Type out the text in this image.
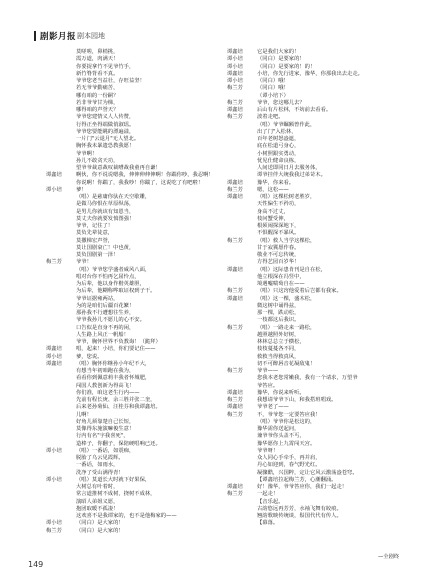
剧影月报 剧本园地
莫嗟嗟，鼻梢挑，
霞万道，肉满天！
你要捉拿竹不见爷竹手，
新竹脊背看不真。
爷爷您老当益壮，存旺益坚！
若无爷爷勤痛苦，
哪有咱的一份嗣？
若非爷爷甘为梯，
哪得咱的声誉天？
爷爷您建情义人人传赞，
行得正坐得端做俏淑瑶。
爷爷您要能眺的漂遍溢，
一片门"云退月"无人望北。
胸怀我未暴遗恐教我愿！
爷爷啊！
孙儿不敢贪天功，
望爷爷裁意裁叹裁嘈裁我童再自谦！
谭鑫培	啊伙，你不说说嗯我，伸伸伸伸伸啊！你踹你吵，我忍啊！
你说啊！你踹了，我我吵！你踹了，这说吃了有吧啦！
谭小培	爹！
（唱）是慈庸你驮在天空歇雕，
是做马你恨在草原纵荡，
是男儿你就该有知恩当，
莫丈夫你就要发愤图强！
爷爷，记住了！
莫负先辈徒意，
莫撒梯宏声誉，
莫让国剧衰亡！中也黄，
莫负国剧第一泽！
梅兰芳	爷爷！
（唱）爷爷您学盛者威风八面，
唱对台你不怕再乞屈怜点，
为后辈，他以身作楷英雄胆，
为后辈，他糊称哗取证权到子干。
爷爷证据雍两站，
为的是咱们后疆百花繁！
那孙我不行遭想往生养，
爷爷我孙儿不愿儿的心不安。
口告似是直身不再的闲，
人生路上风正一帆船！
爷爷，胸怀世界不负教诲！（跪拜）
谭鑫培	唱，起来！小培，你们要记住——
谭小培	爹，您说。
谭鑫培	（唱）胸怀你继孙小年纪不大，
有想当年初咱跑在我为，
看看你到佩意莉丰我者怀城肥，
闯国人教创新为得高飞！
你们准，咱这老生行内——
先前有程长庚、余三胜并张二奎，
后来老孙菊仙、汪桂芬和我谭鑫培。
儿啊！
好角儿须靠楚自己长短，
莫像得东施演嘛俊生意！
行内有名"字我喜死"，
造棒子，你翻子，保陪硬唱响已还。
谭小培	（唱）一番话，如震痴，
脱胎了乌云见霞辉。
一番话，如雨水，
洗净了受山满得青！
谭小培	（唱）莫道长大时就下好果保，
大树总有叶着时，
常言道推树不成树，挠树不成林，
演昭人弟姐义愿，
抱团取暖不孤凄！
这欢喜不是我谭家的，也不是他梅家的——
谭小培	（同白）是大家的！
梅兰芳	（同白）是大家的！
谭鑫培	它是我们大家的！
谭小培	（同白）是要家的！
谭小培	（同白）是要家的！的！
谭鑫培	小培，你先行进家，豫华，你那我出去走走。
谭小培	（同白）哦！
梅兰芳	（同白）哦！
（谭小培下）
梅兰芳	爷爷，您这哪儿去？
谭鑫培	后山有片松林，不妨前去看看。
梅兰芳	波着走吧。
（唱）爷爷瞩额曾作此，
出了门"入松林，
百年老树怒盎遮，
底在松道弓身心，
小树照跟实勇动，
忧见仕健命良栋，
人间送即同日月去服务体，
谭爷挂伴大统我我过弟苛木。
谭鑫培	豫华，你来看。
梅兰芳	嗯，这松——
谭鑫培	（唱）这棵松树老胜岁，
天性偏生不矜功，
身高不过丈，
枝问蟹受伸，
根须闹探深地下，
不惧醒深不暴风。
梅兰芳	（唱）救人当学这棵松，
甘于寂冀愿作春。
敬业不可忘传统，
方得艺园百岁华！
谭鑫培	（唱）这际患肯刊是自在松，
他立根深在冯竖中，
境遇嘘喘萄自在——
梅兰芳	（唱）只这窍他爱着后岂都有我家。
谭鑫培	（唱）这一棵，盛木松，
微这树中诵得兹，
那一棵，跌动松，
一枝都这后我识。
梅兰芳	（唱）一路走来一路松，
越照越照外好树，
林林总总立于横松，
枝枝蔓蔓各不同，
救救当得救真风，
切不可醉唇音花凝敌鬼！
梅兰芳	爷爷——
您我本老您常嫩我，我有一个请求，万望爷
爷答应。
谭鑫培	豫华，你说来听听。
梅兰芳	我想请爷爷下山，和我搭班唱戏。
谭鑫培	爷爷老了——
梅兰芳	不，爷爷您一定要答应我！
（唱）爷爷你是松这的，
豫华需你送起问，
兼爷爷你头盖不丐，
豫华愿你上九霄闯天宫。
爷爷呀！
众人同心手牵手，再并肩，
丹心如迎到，春气野光红。
凝骤酷，兴国粹，定让它风云激荡盎苍穹。
【谭鑫培拉起梅兰芳，心潮翻涌。
谭鑫培	好！豫华，爷爷答应你，我们一起走！
梅兰芳	一起走！
【音乐起。
古韵悠远再芳芳，水袖飞舞有皎痕。
翘韵歌映传统谈，鬃国代代有传人。
【幕落。
—全剧终
149
